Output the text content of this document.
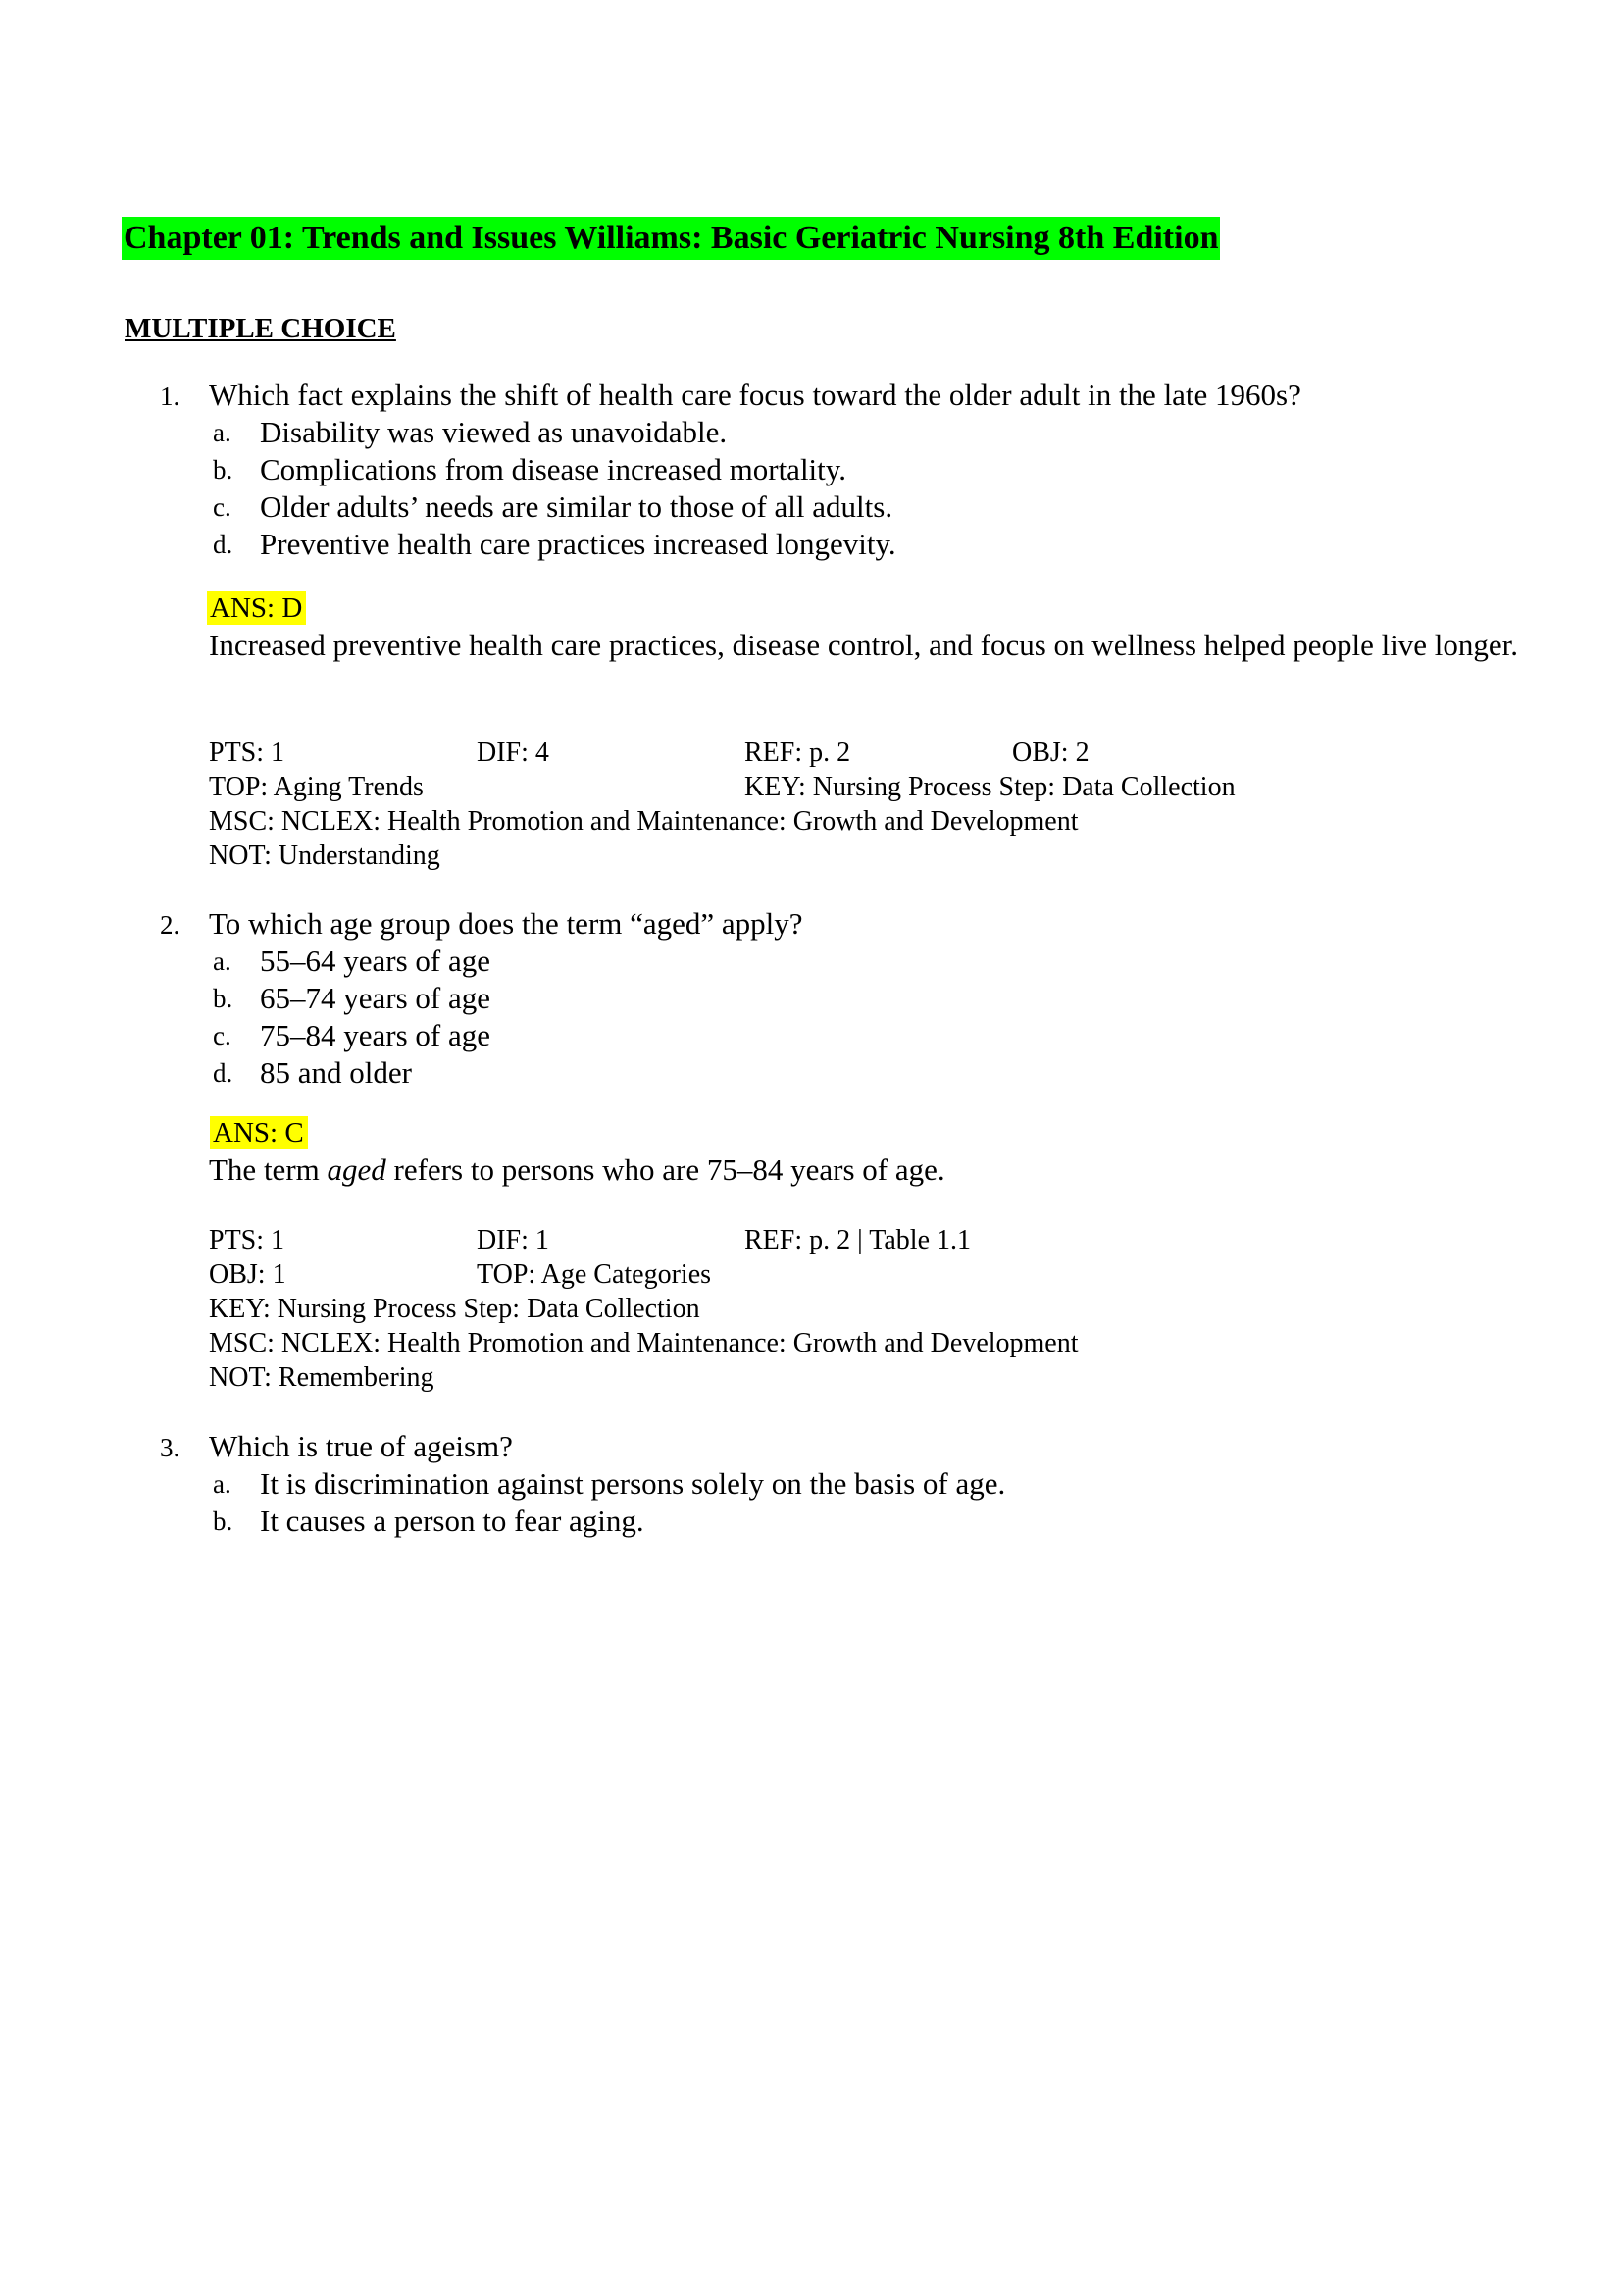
Chapter 01: Trends and Issues Williams: Basic Geriatric Nursing 8th Edition
MULTIPLE CHOICE
1. Which fact explains the shift of health care focus toward the older adult in the late 1960s?
a. Disability was viewed as unavoidable.
b. Complications from disease increased mortality.
c. Older adults’ needs are similar to those of all adults.
d. Preventive health care practices increased longevity.
ANS: D
Increased preventive health care practices, disease control, and focus on wellness helped people live longer.
PTS: 1	DIF: 4	REF: p. 2	OBJ: 2
TOP: Aging Trends	KEY: Nursing Process Step: Data Collection
MSC: NCLEX: Health Promotion and Maintenance: Growth and Development
NOT: Understanding
2. To which age group does the term “aged” apply?
a. 55–64 years of age
b. 65–74 years of age
c. 75–84 years of age
d. 85 and older
ANS: C
The term aged refers to persons who are 75–84 years of age.
PTS: 1	DIF: 1	REF: p. 2 | Table 1.1
OBJ: 1	TOP: Age Categories
KEY: Nursing Process Step: Data Collection
MSC: NCLEX: Health Promotion and Maintenance: Growth and Development
NOT: Remembering
3. Which is true of ageism?
a. It is discrimination against persons solely on the basis of age.
b. It causes a person to fear aging.
